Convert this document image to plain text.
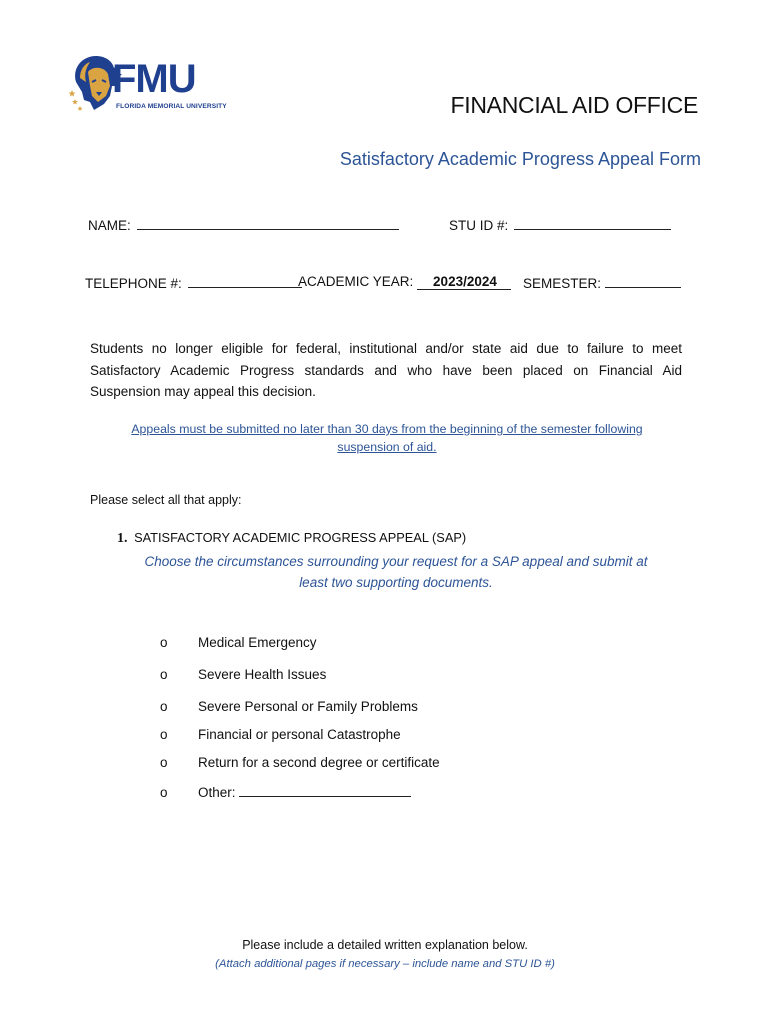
FMU
FLORIDA MEMORIAL UNIVERSITY	FINANCIAL AID OFFICE
Satisfactory Academic Progress Appeal Form
NAME:	STU ID #:
TELEPHONE #:	ACADEMIC YEAR: 2023/2024	SEMESTER:
Students no longer eligible for federal, institutional and/or state aid due to failure to meet Satisfactory Academic Progress standards and who have been placed on Financial Aid Suspension may appeal this decision.
Appeals must be submitted no later than 30 days from the beginning of the semester following
suspension of aid.
Please select all that apply:
1. SATISFACTORY ACADEMIC PROGRESS APPEAL (SAP)
Choose the circumstances surrounding your request for a SAP appeal and submit at
least two supporting documents.
o Medical Emergency
o Severe Health Issues
o Severe Personal or Family Problems
o Financial or personal Catastrophe
o Return for a second degree or certificate
o Other:
Please include a detailed written explanation below.
(Attach additional pages if necessary – include name and STU ID #)
